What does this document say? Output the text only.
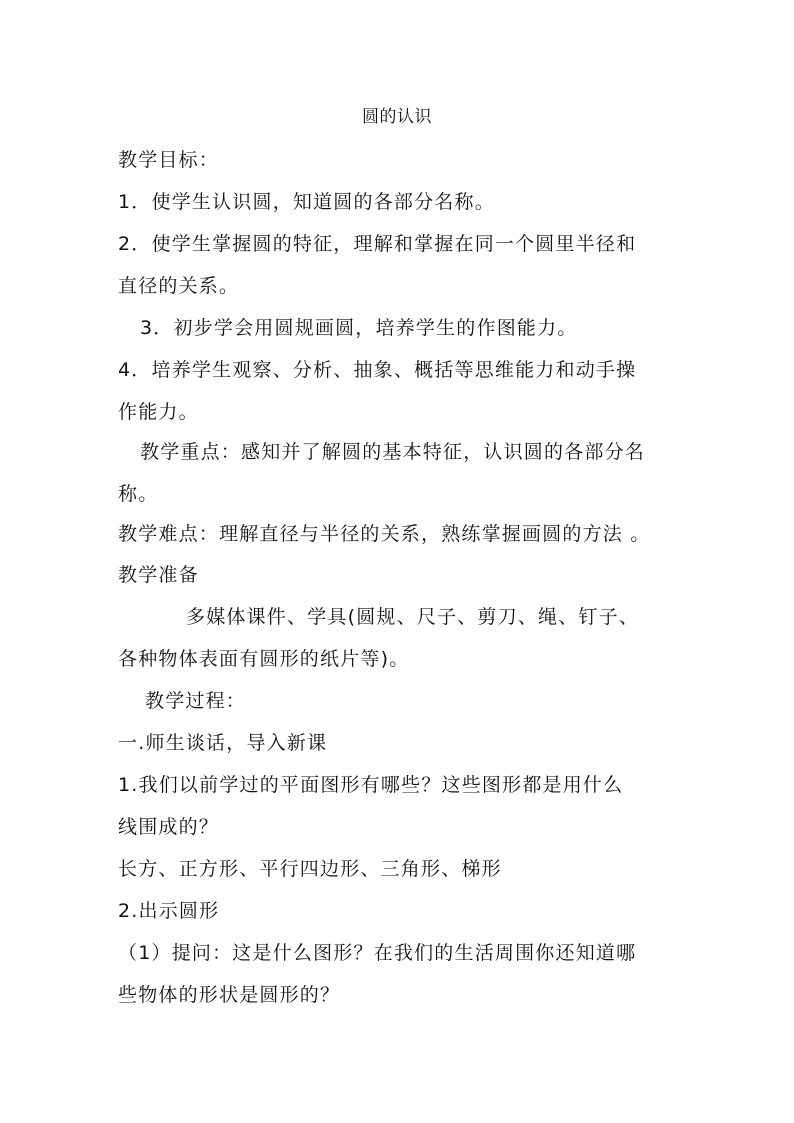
圆的认识
教学目标：
1．使学生认识圆，知道圆的各部分名称。
2．使学生掌握圆的特征，理解和掌握在同一个圆里半径和
直径的关系。
3．初步学会用圆规画圆，培养学生的作图能力。
4．培养学生观察、分析、抽象、概括等思维能力和动手操
作能力。
教学重点：感知并了解圆的基本特征，认识圆的各部分名
称。
教学难点：理解直径与半径的关系，熟练掌握画圆的方法 。
教学准备
多媒体课件、学具(圆规、尺子、剪刀、绳、钉子、
各种物体表面有圆形的纸片等)。
教学过程：
一.师生谈话，导入新课
1.我们以前学过的平面图形有哪些？这些图形都是用什么
线围成的？
长方、正方形、平行四边形、三角形、梯形
2.出示圆形
（1）提问：这是什么图形？在我们的生活周围你还知道哪
些物体的形状是圆形的？
